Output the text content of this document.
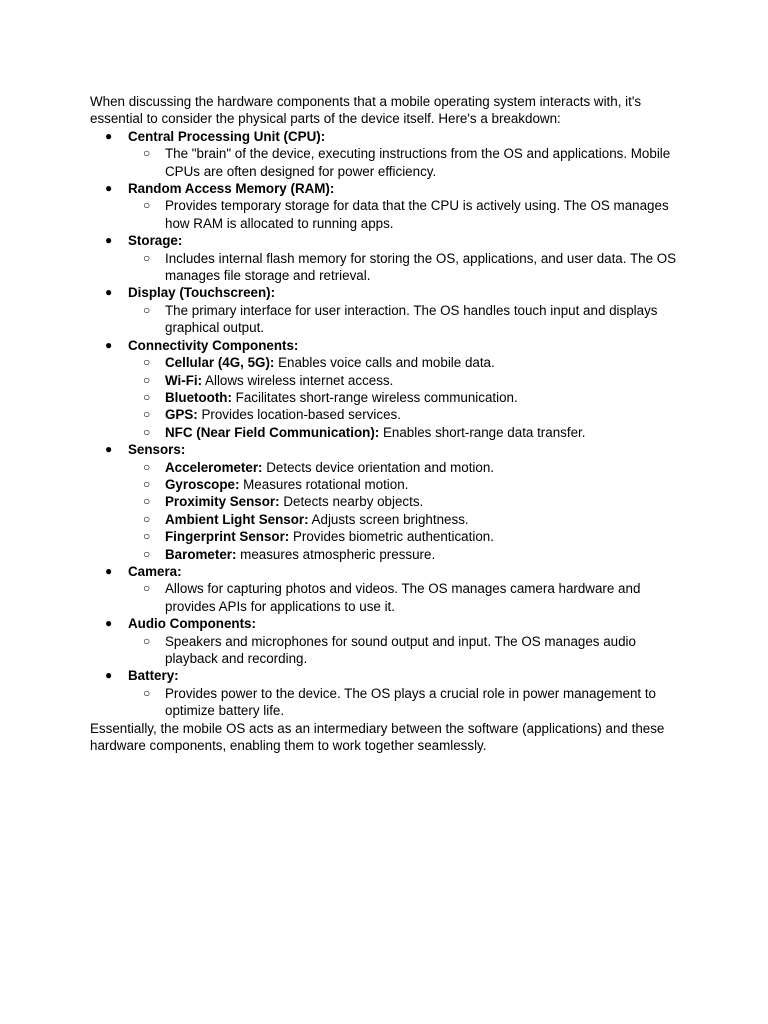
When discussing the hardware components that a mobile operating system interacts with, it's essential to consider the physical parts of the device itself. Here's a breakdown:

● Central Processing Unit (CPU):
○ The "brain" of the device, executing instructions from the OS and applications. Mobile CPUs are often designed for power efficiency.
● Random Access Memory (RAM):
○ Provides temporary storage for data that the CPU is actively using. The OS manages how RAM is allocated to running apps.
● Storage:
○ Includes internal flash memory for storing the OS, applications, and user data. The OS manages file storage and retrieval.
● Display (Touchscreen):
○ The primary interface for user interaction. The OS handles touch input and displays graphical output.
● Connectivity Components:
○ Cellular (4G, 5G): Enables voice calls and mobile data.
○ Wi-Fi: Allows wireless internet access.
○ Bluetooth: Facilitates short-range wireless communication.
○ GPS: Provides location-based services.
○ NFC (Near Field Communication): Enables short-range data transfer.
● Sensors:
○ Accelerometer: Detects device orientation and motion.
○ Gyroscope: Measures rotational motion.
○ Proximity Sensor: Detects nearby objects.
○ Ambient Light Sensor: Adjusts screen brightness.
○ Fingerprint Sensor: Provides biometric authentication.
○ Barometer: measures atmospheric pressure.
● Camera:
○ Allows for capturing photos and videos. The OS manages camera hardware and provides APIs for applications to use it.
● Audio Components:
○ Speakers and microphones for sound output and input. The OS manages audio playback and recording.
● Battery:
○ Provides power to the device. The OS plays a crucial role in power management to optimize battery life.

Essentially, the mobile OS acts as an intermediary between the software (applications) and these hardware components, enabling them to work together seamlessly.
